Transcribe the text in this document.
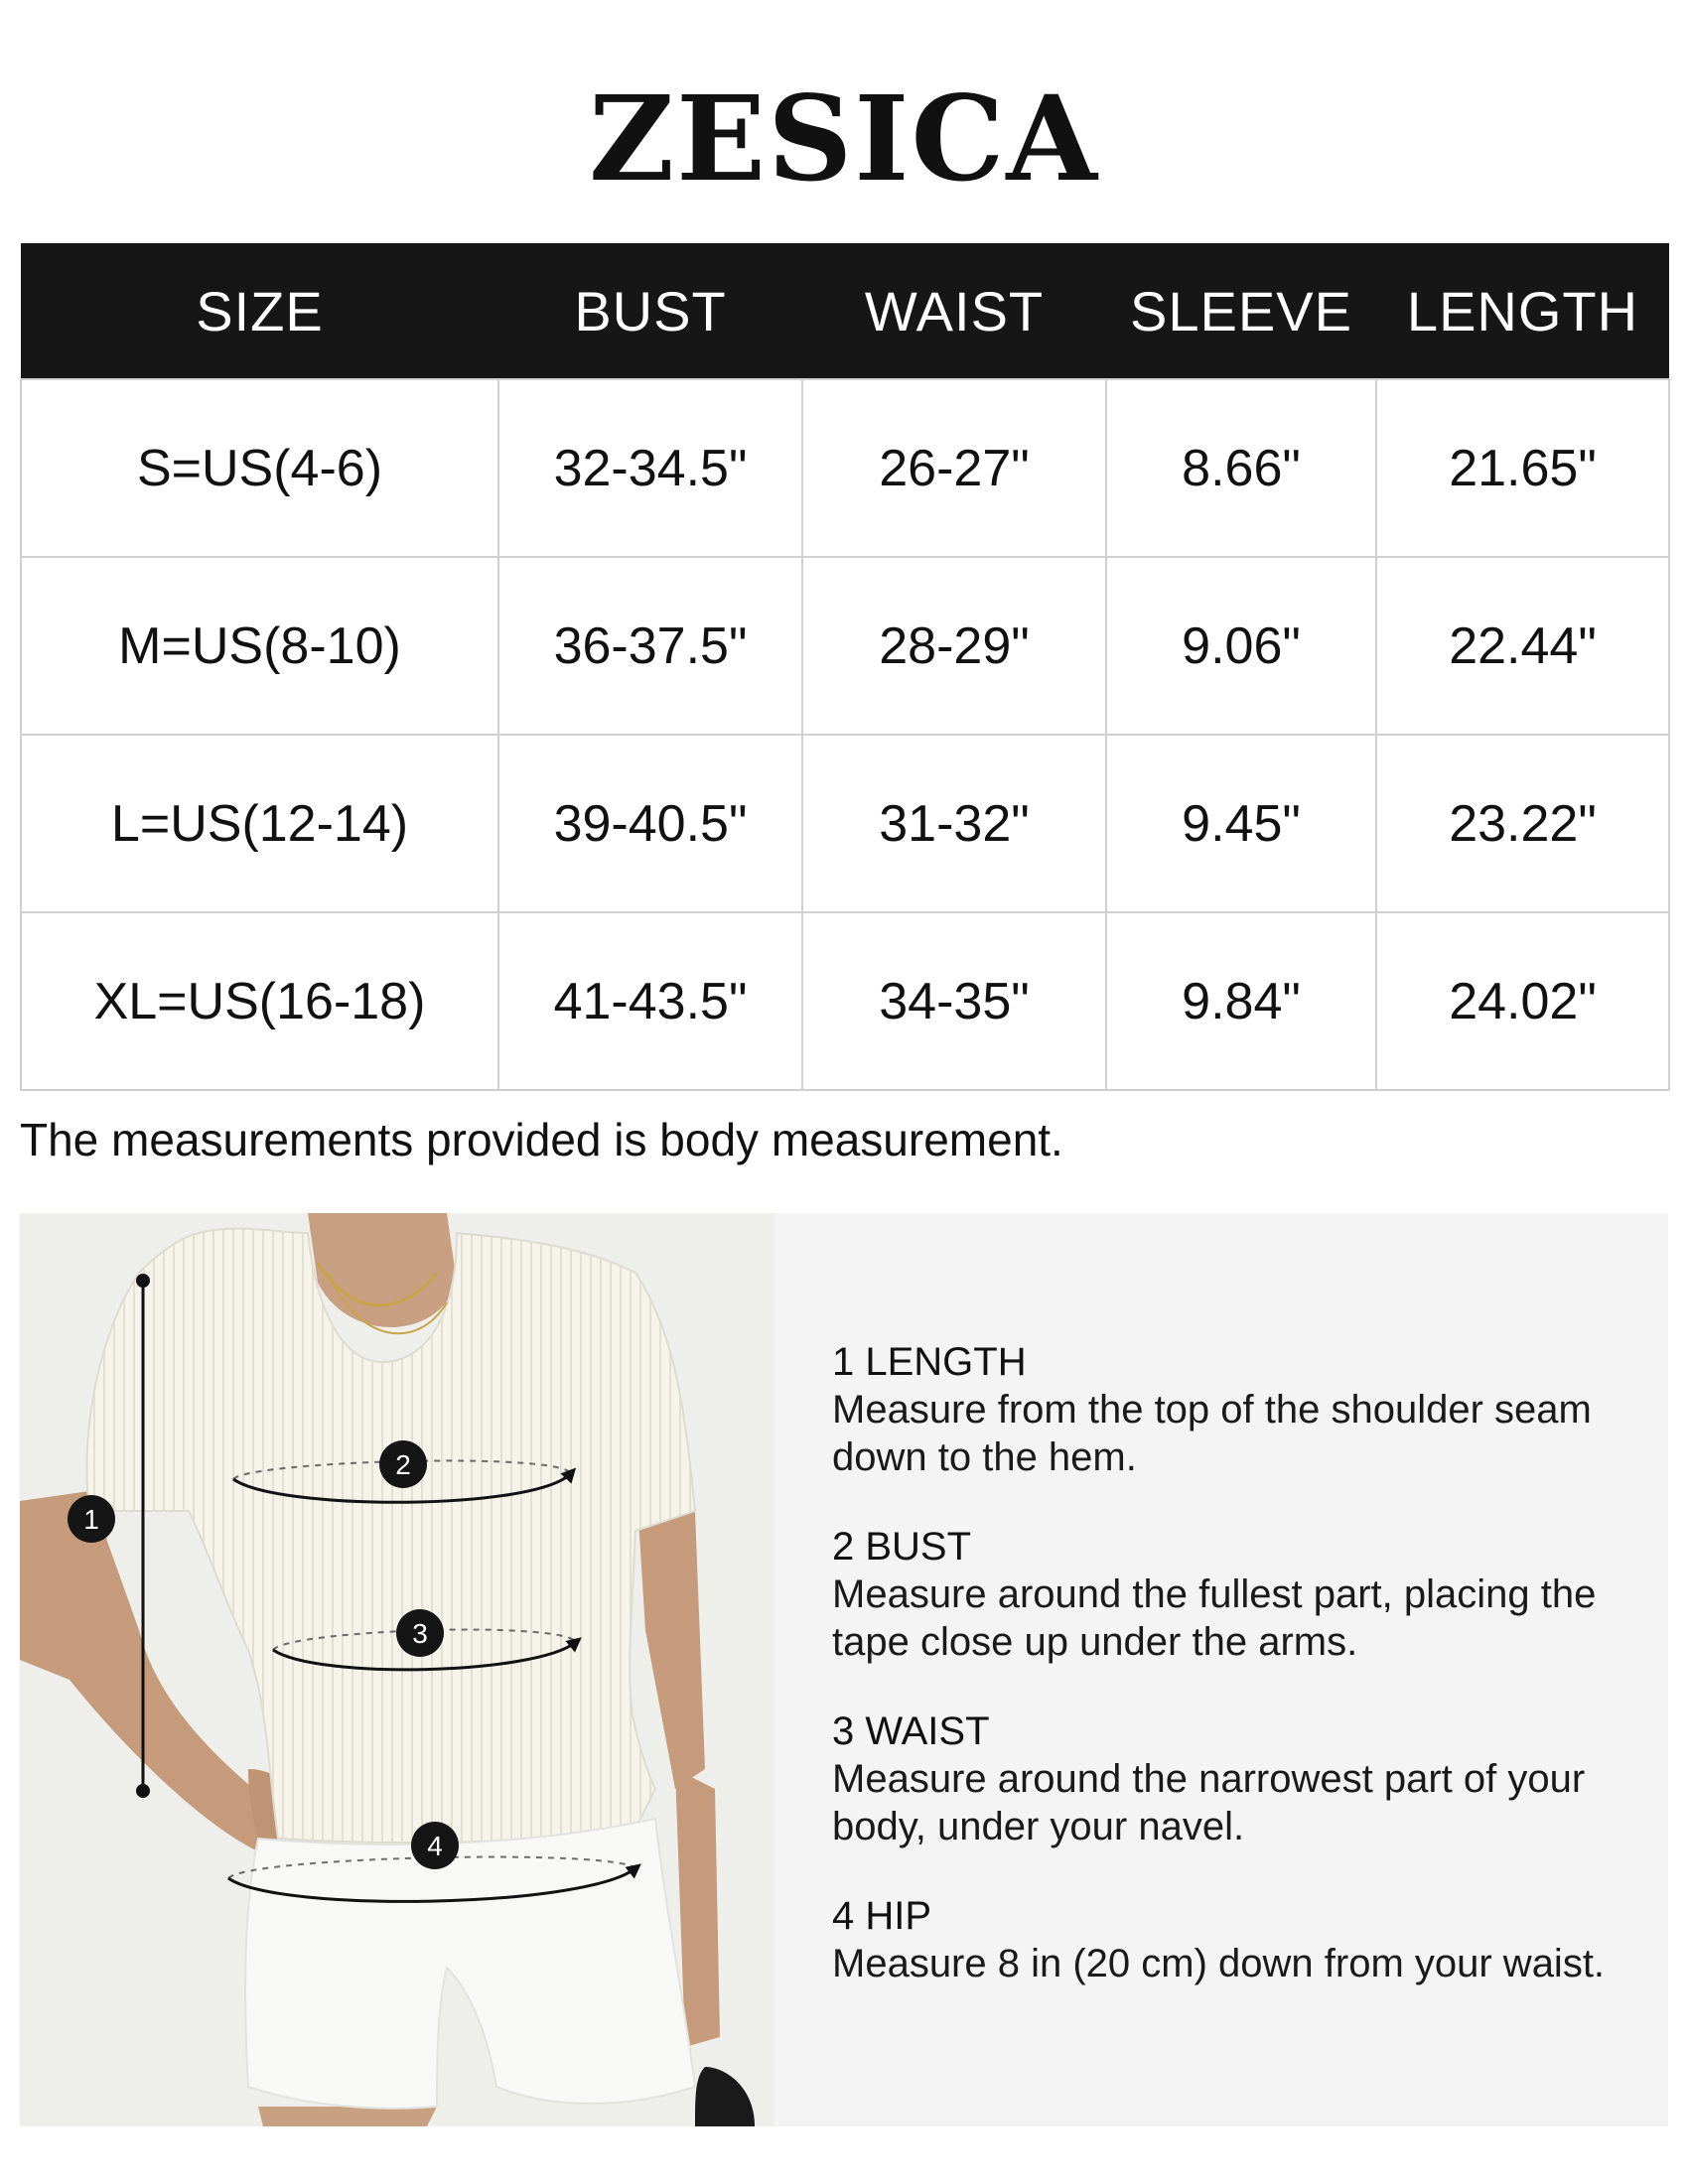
ZESICA
SIZE	BUST	WAIST	SLEEVE	LENGTH
S=US(4-6)	32-34.5"	26-27"	8.66"	21.65"
M=US(8-10)	36-37.5"	28-29"	9.06"	22.44"
L=US(12-14)	39-40.5"	31-32"	9.45"	23.22"
XL=US(16-18)	41-43.5"	34-35"	9.84"	24.02"
The measurements provided is body measurement.
1
2
3
4
1 LENGTH
Measure from the top of the shoulder seam down to the hem.
2 BUST
Measure around the fullest part, placing the tape close up under the arms.
3 WAIST
Measure around the narrowest part of your body, under your navel.
4 HIP
Measure 8 in (20 cm) down from your waist.
